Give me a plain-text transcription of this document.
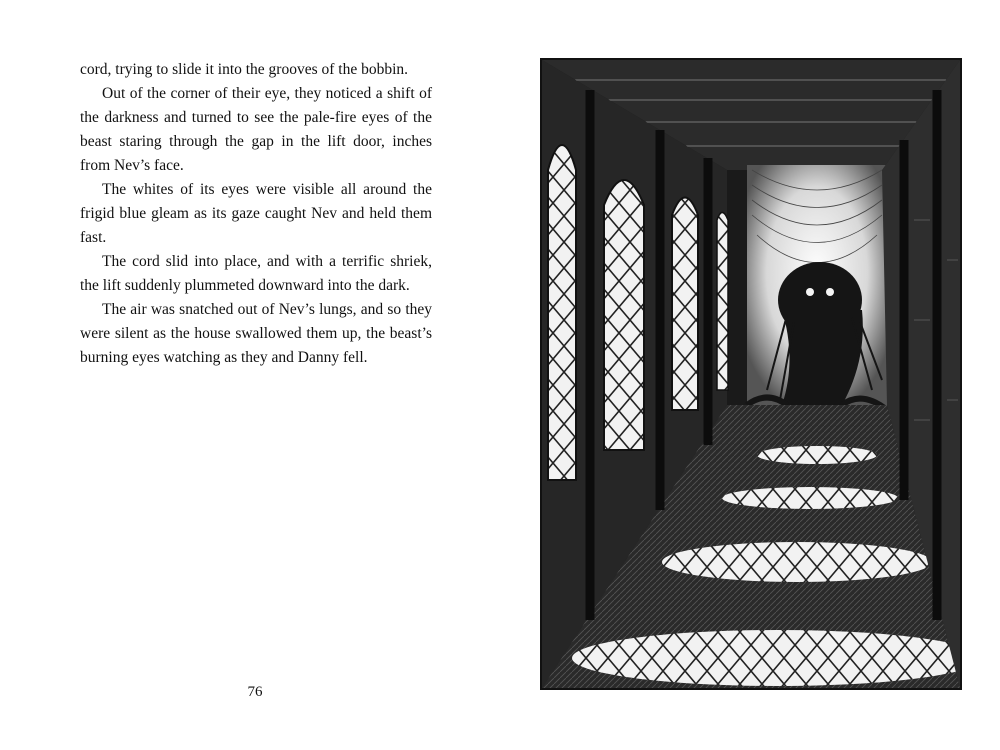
cord, trying to slide it into the grooves of the bobbin.

Out of the corner of their eye, they noticed a shift of the darkness and turned to see the pale-fire eyes of the beast staring through the gap in the lift door, inches from Nev’s face.

The whites of its eyes were visible all around the frigid blue gleam as its gaze caught Nev and held them fast.

The cord slid into place, and with a terrific shriek, the lift suddenly plummeted downward into the dark.

The air was snatched out of Nev’s lungs, and so they were silent as the house swallowed them up, the beast’s burning eyes watching as they and Danny fell.

76
